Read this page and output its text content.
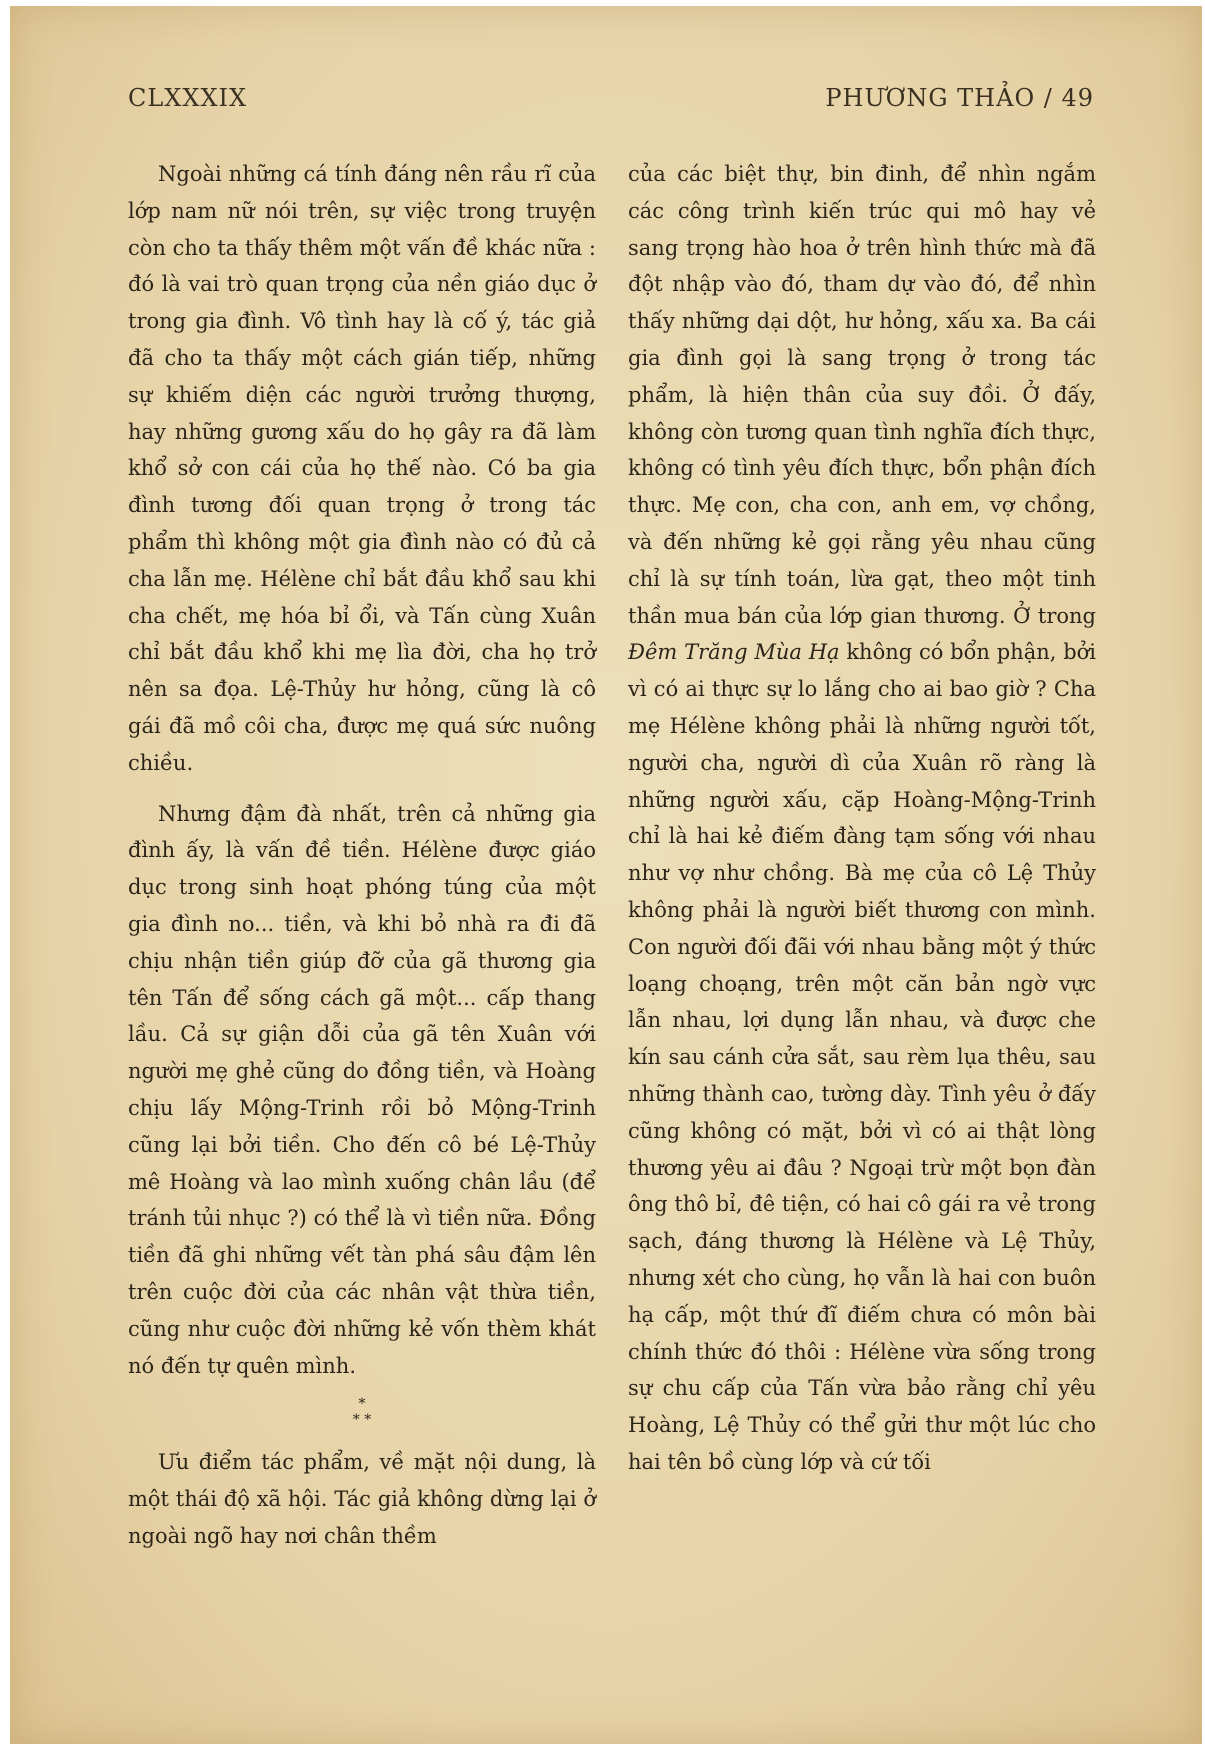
CLXXXIX	PHƯƠNG THẢO / 49

Ngoài những cá tính đáng nên rầu rĩ của lớp nam nữ nói trên, sự việc trong truyện còn cho ta thấy thêm một vấn đề khác nữa : đó là vai trò quan trọng của nền giáo dục ở trong gia đình. Vô tình hay là cố ý, tác giả đã cho ta thấy một cách gián tiếp, những sự khiếm diện các người trưởng thượng, hay những gương xấu do họ gây ra đã làm khổ sở con cái của họ thế nào. Có ba gia đình tương đối quan trọng ở trong tác phẩm thì không một gia đình nào có đủ cả cha lẫn mẹ. Hélène chỉ bắt đầu khổ sau khi cha chết, mẹ hóa bỉ ổi, và Tấn cùng Xuân chỉ bắt đầu khổ khi mẹ lìa đời, cha họ trở nên sa đọa. Lệ-Thủy hư hỏng, cũng là cô gái đã mồ côi cha, được mẹ quá sức nuông chiều.

Nhưng đậm đà nhất, trên cả những gia đình ấy, là vấn đề tiền. Hélène được giáo dục trong sinh hoạt phóng túng của một gia đình no... tiền, và khi bỏ nhà ra đi đã chịu nhận tiền giúp đỡ của gã thương gia tên Tấn để sống cách gã một... cấp thang lầu. Cả sự giận dỗi của gã tên Xuân với người mẹ ghẻ cũng do đồng tiền, và Hoàng chịu lấy Mộng-Trinh rồi bỏ Mộng-Trinh cũng lại bởi tiền. Cho đến cô bé Lệ-Thủy mê Hoàng và lao mình xuống chân lầu (để tránh tủi nhục ?) có thể là vì tiền nữa. Đồng tiền đã ghi những vết tàn phá sâu đậm lên trên cuộc đời của các nhân vật thừa tiền, cũng như cuộc đời những kẻ vốn thèm khát nó đến tự quên mình.

*
* *

Ưu điểm tác phẩm, về mặt nội dung, là một thái độ xã hội. Tác giả không dừng lại ở ngoài ngõ hay nơi chân thềm

của các biệt thự, bin đinh, để nhìn ngắm các công trình kiến trúc qui mô hay vẻ sang trọng hào hoa ở trên hình thức mà đã đột nhập vào đó, tham dự vào đó, để nhìn thấy những dại dột, hư hỏng, xấu xa. Ba cái gia đình gọi là sang trọng ở trong tác phẩm, là hiện thân của suy đồi. Ở đấy, không còn tương quan tình nghĩa đích thực, không có tình yêu đích thực, bổn phận đích thực. Mẹ con, cha con, anh em, vợ chồng, và đến những kẻ gọi rằng yêu nhau cũng chỉ là sự tính toán, lừa gạt, theo một tinh thần mua bán của lớp gian thương. Ở trong Đêm Trăng Mùa Hạ không có bổn phận, bởi vì có ai thực sự lo lắng cho ai bao giờ ? Cha mẹ Hélène không phải là những người tốt, người cha, người dì của Xuân rõ ràng là những người xấu, cặp Hoàng-Mộng-Trinh chỉ là hai kẻ điếm đàng tạm sống với nhau như vợ như chồng. Bà mẹ của cô Lệ Thủy không phải là người biết thương con mình. Con người đối đãi với nhau bằng một ý thức loạng choạng, trên một căn bản ngờ vực lẫn nhau, lợi dụng lẫn nhau, và được che kín sau cánh cửa sắt, sau rèm lụa thêu, sau những thành cao, tường dày. Tình yêu ở đấy cũng không có mặt, bởi vì có ai thật lòng thương yêu ai đâu ? Ngoại trừ một bọn đàn ông thô bỉ, đê tiện, có hai cô gái ra vẻ trong sạch, đáng thương là Hélène và Lệ Thủy, nhưng xét cho cùng, họ vẫn là hai con buôn hạ cấp, một thứ đĩ điếm chưa có môn bài chính thức đó thôi : Hélène vừa sống trong sự chu cấp của Tấn vừa bảo rằng chỉ yêu Hoàng, Lệ Thủy có thể gửi thư một lúc cho hai tên bồ cùng lớp và cứ tối
